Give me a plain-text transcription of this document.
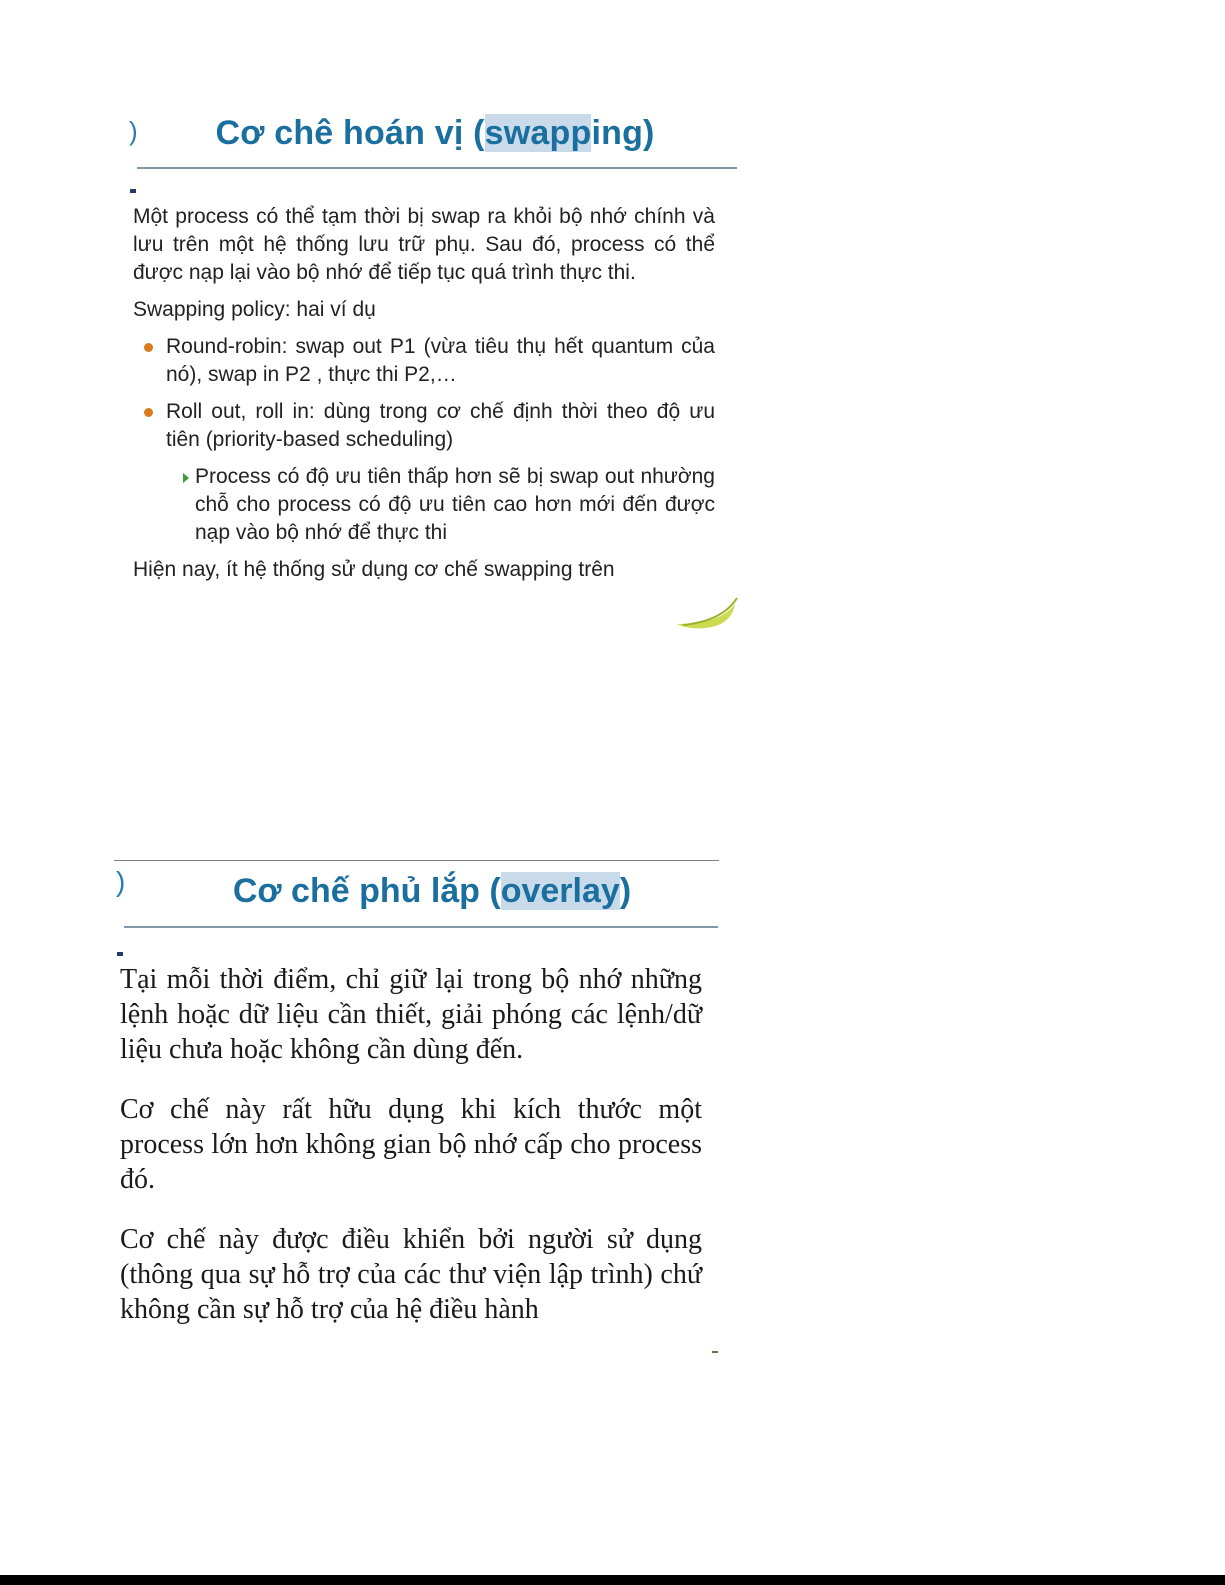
)	Cơ chê hoán vị (swapping)

Một process có thể tạm thời bị swap ra khỏi bộ nhớ chính và lưu trên một hệ thống lưu trữ phụ. Sau đó, process có thể được nạp lại vào bộ nhớ để tiếp tục quá trình thực thi.

Swapping policy: hai ví dụ

Round-robin: swap out P1 (vừa tiêu thụ hết quantum của nó), swap in P2 , thực thi P2,…
Roll out, roll in: dùng trong cơ chế định thời theo độ ưu tiên (priority-based scheduling)
Process có độ ưu tiên thấp hơn sẽ bị swap out nhường chỗ cho process có độ ưu tiên cao hơn mới đến được nạp vào bộ nhớ để thực thi

Hiện nay, ít hệ thống sử dụng cơ chế swapping trên

)	Cơ chế phủ lắp (overlay)

Tại mỗi thời điểm, chỉ giữ lại trong bộ nhớ những lệnh hoặc dữ liệu cần thiết, giải phóng các lệnh/dữ liệu chưa hoặc không cần dùng đến.

Cơ chế này rất hữu dụng khi kích thước một process lớn hơn không gian bộ nhớ cấp cho process đó.

Cơ chế này được điều khiển bởi người sử dụng (thông qua sự hỗ trợ của các thư viện lập trình) chứ không cần sự hỗ trợ của hệ điều hành
